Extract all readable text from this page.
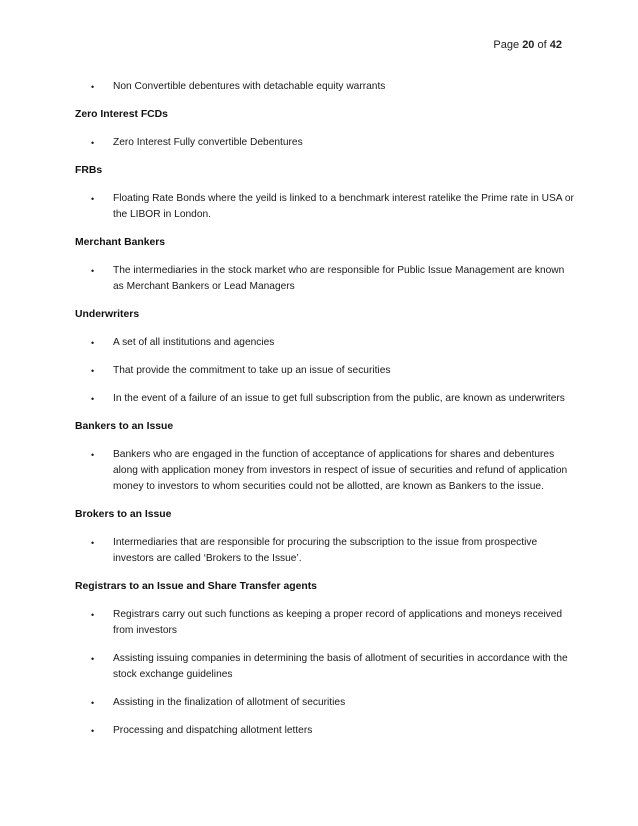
Page 20 of 42
• Non Convertible debentures with detachable equity warrants
Zero Interest FCDs
• Zero Interest Fully convertible Debentures
FRBs
• Floating Rate Bonds where the yeild is linked to a benchmark interest ratelike the Prime rate in USA or the LIBOR in London.
Merchant Bankers
• The intermediaries in the stock market who are responsible for Public Issue Management are known as Merchant Bankers or Lead Managers
Underwriters
• A set of all institutions and agencies
• That provide the commitment to take up an issue of securities
• In the event of a failure of an issue to get full subscription from the public, are known as underwriters
Bankers to an Issue
• Bankers who are engaged in the function of acceptance of applications for shares and debentures along with application money from investors in respect of issue of securities and refund of application money to investors to whom securities could not be allotted, are known as Bankers to the issue.
Brokers to an Issue
• Intermediaries that are responsible for procuring the subscription to the issue from prospective investors are called ‘Brokers to the Issue’.
Registrars to an Issue and Share Transfer agents
• Registrars carry out such functions as keeping a proper record of applications and moneys received from investors
• Assisting issuing companies in determining the basis of allotment of securities in accordance with the stock exchange guidelines
• Assisting in the finalization of allotment of securities
• Processing and dispatching allotment letters
